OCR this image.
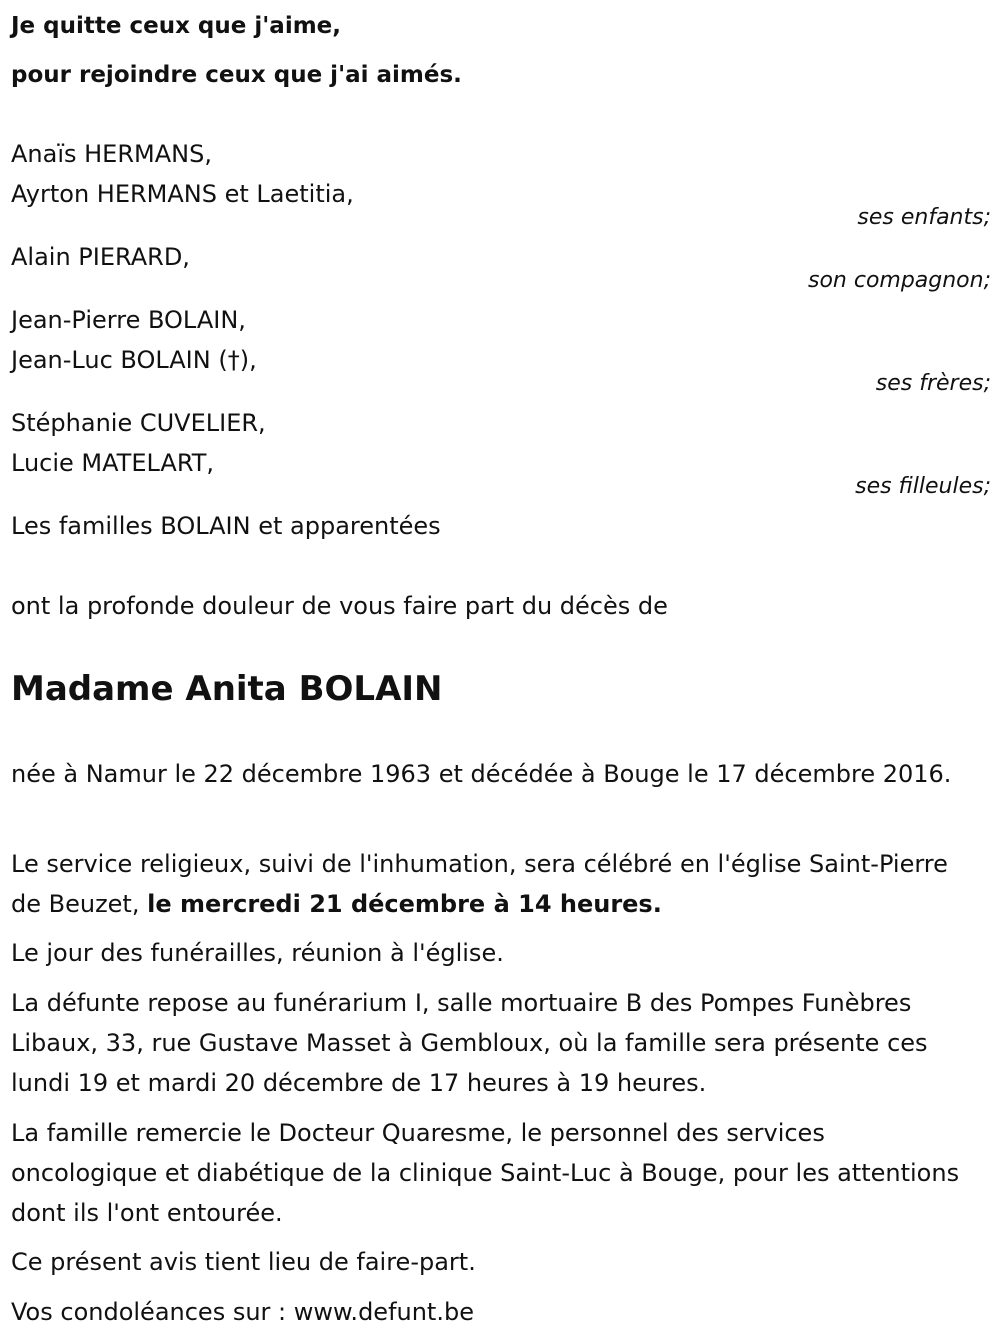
Je quitte ceux que j'aime,

pour rejoindre ceux que j'ai aimés.

Anaïs HERMANS,
Ayrton HERMANS et Laetitia,
ses enfants;
Alain PIERARD,
son compagnon;
Jean-Pierre BOLAIN,
Jean-Luc BOLAIN (†),
ses frères;
Stéphanie CUVELIER,
Lucie MATELART,
ses filleules;
Les familles BOLAIN et apparentées
ont la profonde douleur de vous faire part du décès de
Madame Anita BOLAIN
née à Namur le 22 décembre 1963 et décédée à Bouge le 17 décembre 2016.
Le service religieux, suivi de l'inhumation, sera célébré en l'église Saint-Pierre de Beuzet, le mercredi 21 décembre à 14 heures.
Le jour des funérailles, réunion à l'église.
La défunte repose au funérarium I, salle mortuaire B des Pompes Funèbres Libaux, 33, rue Gustave Masset à Gembloux, où la famille sera présente ces lundi 19 et mardi 20 décembre de 17 heures à 19 heures.
La famille remercie le Docteur Quaresme, le personnel des services oncologique et diabétique de la clinique Saint-Luc à Bouge, pour les attentions dont ils l'ont entourée.
Ce présent avis tient lieu de faire-part.
Vos condoléances sur : www.defunt.be
